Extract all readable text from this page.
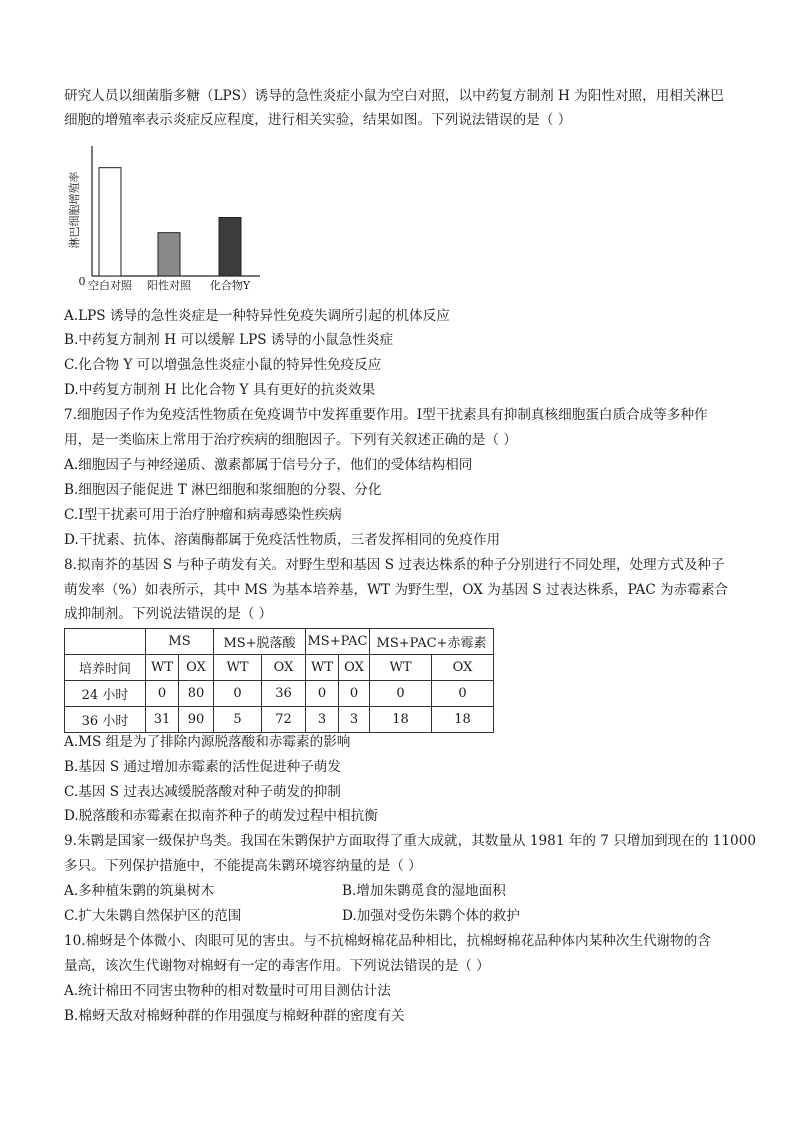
研究人员以细菌脂多糖（LPS）诱导的急性炎症小鼠为空白对照，以中药复方制剂 H 为阳性对照，用相关淋巴
细胞的增殖率表示炎症反应程度，进行相关实验，结果如图。下列说法错误的是（ ）
淋巴细胞增殖率
0 空白对照 阳性对照 化合物Y
A.LPS 诱导的急性炎症是一种特异性免疫失调所引起的机体反应
B.中药复方制剂 H 可以缓解 LPS 诱导的小鼠急性炎症
C.化合物 Y 可以增强急性炎症小鼠的特异性免疫反应
D.中药复方制剂 H 比化合物 Y 具有更好的抗炎效果
7.细胞因子作为免疫活性物质在免疫调节中发挥重要作用。Ⅰ型干扰素具有抑制真核细胞蛋白质合成等多种作
用，是一类临床上常用于治疗疾病的细胞因子。下列有关叙述正确的是（ ）
A.细胞因子与神经递质、激素都属于信号分子，他们的受体结构相同
B.细胞因子能促进 T 淋巴细胞和浆细胞的分裂、分化
C.Ⅰ型干扰素可用于治疗肿瘤和病毒感染性疾病
D.干扰素、抗体、溶菌酶都属于免疫活性物质，三者发挥相同的免疫作用
8.拟南芥的基因 S 与种子萌发有关。对野生型和基因 S 过表达株系的种子分别进行不同处理，处理方式及种子
萌发率（%）如表所示，其中 MS 为基本培养基，WT 为野生型，OX 为基因 S 过表达株系，PAC 为赤霉素合
成抑制剂。下列说法错误的是（ ）
	MS		MS+脱落酸		MS+PAC		MS+PAC+赤霉素	
培养时间	WT	OX	WT	OX	WT	OX	WT	OX
24 小时	0	80	0	36	0	0	0	0
36 小时	31	90	5	72	3	3	18	18
A.MS 组是为了排除内源脱落酸和赤霉素的影响
B.基因 S 通过增加赤霉素的活性促进种子萌发
C.基因 S 过表达减缓脱落酸对种子萌发的抑制
D.脱落酸和赤霉素在拟南芥种子的萌发过程中相抗衡
9.朱鹮是国家一级保护鸟类。我国在朱鹮保护方面取得了重大成就，其数量从 1981 年的 7 只增加到现在的 11000
多只。下列保护措施中，不能提高朱鹮环境容纳量的是（ ）
A.多种植朱鹮的筑巢树木	B.增加朱鹮觅食的湿地面积
C.扩大朱鹮自然保护区的范围	D.加强对受伤朱鹮个体的救护
10.棉蚜是个体微小、肉眼可见的害虫。与不抗棉蚜棉花品种相比，抗棉蚜棉花品种体内某种次生代谢物的含
量高，该次生代谢物对棉蚜有一定的毒害作用。下列说法错误的是（ ）
A.统计棉田不同害虫物种的相对数量时可用目测估计法
B.棉蚜天敌对棉蚜种群的作用强度与棉蚜种群的密度有关
